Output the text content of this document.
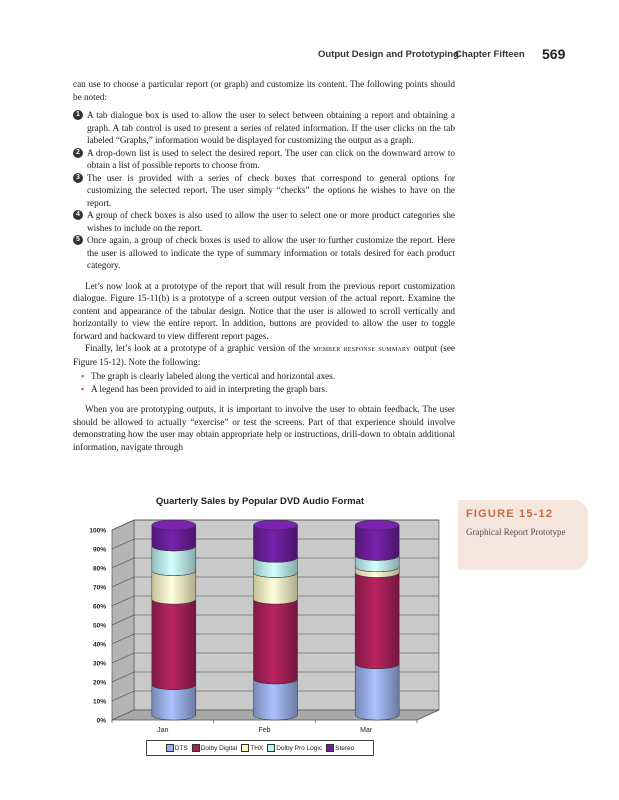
Output Design and Prototyping
Chapter Fifteen 569

can use to choose a particular report (or graph) and customize its content. The following points should be noted:

1 A tab dialogue box is used to allow the user to select between obtaining a report and obtaining a graph. A tab control is used to present a series of related information. If the user clicks on the tab labeled “Graphs,” information would be displayed for customizing the output as a graph.
2 A drop-down list is used to select the desired report. The user can click on the downward arrow to obtain a list of possible reports to choose from.
3 The user is provided with a series of check boxes that correspond to general options for customizing the selected report. The user simply “checks” the options he wishes to have on the report.
4 A group of check boxes is also used to allow the user to select one or more product categories she wishes to include on the report.
5 Once again, a group of check boxes is used to allow the user to further customize the report. Here the user is allowed to indicate the type of summary information or totals desired for each product category.

Let’s now look at a prototype of the report that will result from the previous report customization dialogue. Figure 15-11(b) is a prototype of a screen output version of the actual report. Examine the content and appearance of the tabular design. Notice that the user is allowed to scroll vertically and horizontally to view the entire report. In addition, buttons are provided to allow the user to toggle forward and backward to view different report pages.

Finally, let’s look at a prototype of a graphic version of the member response summary output (see Figure 15-12). Note the following:

▪ The graph is clearly labeled along the vertical and horizontal axes.
▪ A legend has been provided to aid in interpreting the graph bars.

When you are prototyping outputs, it is important to involve the user to obtain feedback. The user should be allowed to actually “exercise” or test the screens. Part of that experience should involve demonstrating how the user may obtain appropriate help or instructions, drill-down to obtain additional information, navigate through

Quarterly Sales by Popular DVD Audio Format
0%
10%
20%
30%
40%
50%
60%
70%
80%
90%
100%
Jan	Feb	Mar
DTS Dolby Digital THX Dolby Pro Logic Stereo
FIGURE 15-12
Graphical Report Prototype
